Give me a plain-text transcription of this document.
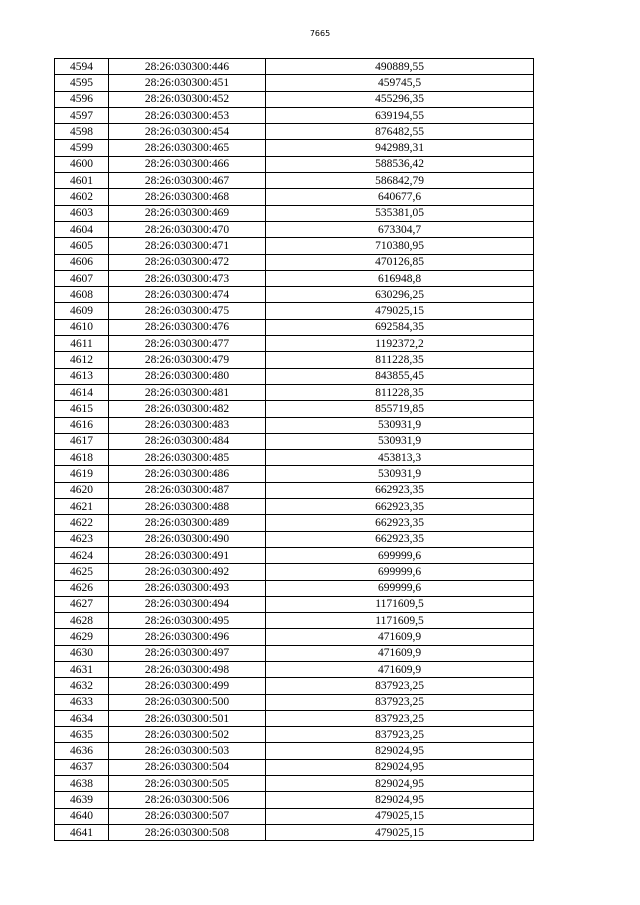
7665
4594	28:26:030300:446	490889,55
4595	28:26:030300:451	459745,5
4596	28:26:030300:452	455296,35
4597	28:26:030300:453	639194,55
4598	28:26:030300:454	876482,55
4599	28:26:030300:465	942989,31
4600	28:26:030300:466	588536,42
4601	28:26:030300:467	586842,79
4602	28:26:030300:468	640677,6
4603	28:26:030300:469	535381,05
4604	28:26:030300:470	673304,7
4605	28:26:030300:471	710380,95
4606	28:26:030300:472	470126,85
4607	28:26:030300:473	616948,8
4608	28:26:030300:474	630296,25
4609	28:26:030300:475	479025,15
4610	28:26:030300:476	692584,35
4611	28:26:030300:477	1192372,2
4612	28:26:030300:479	811228,35
4613	28:26:030300:480	843855,45
4614	28:26:030300:481	811228,35
4615	28:26:030300:482	855719,85
4616	28:26:030300:483	530931,9
4617	28:26:030300:484	530931,9
4618	28:26:030300:485	453813,3
4619	28:26:030300:486	530931,9
4620	28:26:030300:487	662923,35
4621	28:26:030300:488	662923,35
4622	28:26:030300:489	662923,35
4623	28:26:030300:490	662923,35
4624	28:26:030300:491	699999,6
4625	28:26:030300:492	699999,6
4626	28:26:030300:493	699999,6
4627	28:26:030300:494	1171609,5
4628	28:26:030300:495	1171609,5
4629	28:26:030300:496	471609,9
4630	28:26:030300:497	471609,9
4631	28:26:030300:498	471609,9
4632	28:26:030300:499	837923,25
4633	28:26:030300:500	837923,25
4634	28:26:030300:501	837923,25
4635	28:26:030300:502	837923,25
4636	28:26:030300:503	829024,95
4637	28:26:030300:504	829024,95
4638	28:26:030300:505	829024,95
4639	28:26:030300:506	829024,95
4640	28:26:030300:507	479025,15
4641	28:26:030300:508	479025,15
